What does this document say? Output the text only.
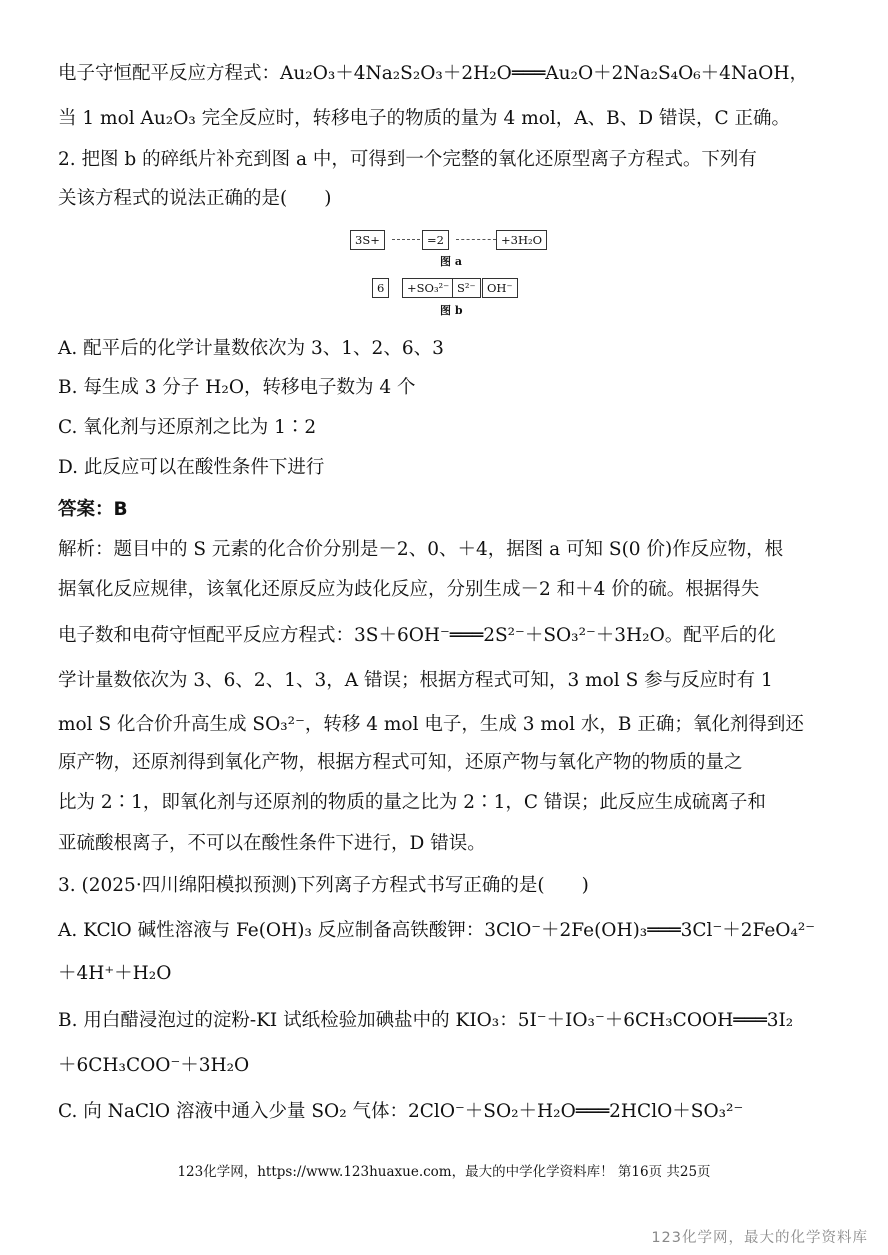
电子守恒配平反应方程式：Au₂O₃＋4Na₂S₂O₃＋2H₂O═══Au₂O＋2Na₂S₄O₆＋4NaOH，
当 1 mol Au₂O₃ 完全反应时，转移电子的物质的量为 4 mol，A、B、D 错误，C 正确。
2. 把图 b 的碎纸片补充到图 a 中，可得到一个完整的氧化还原型离子方程式。下列有
关该方程式的说法正确的是(　　)
3S+	=2	+3H₂O
图 a
6	+SO₃²⁻ S²⁻ OH⁻
图 b
A. 配平后的化学计量数依次为 3、1、2、6、3
B. 每生成 3 分子 H₂O，转移电子数为 4 个
C. 氧化剂与还原剂之比为 1∶2
D. 此反应可以在酸性条件下进行
答案：B
解析：题目中的 S 元素的化合价分别是－2、0、＋4，据图 a 可知 S(0 价)作反应物，根
据氧化反应规律，该氧化还原反应为歧化反应，分别生成－2 和＋4 价的硫。根据得失
电子数和电荷守恒配平反应方程式：3S＋6OH⁻═══2S²⁻＋SO₃²⁻＋3H₂O。配平后的化
学计量数依次为 3、6、2、1、3，A 错误；根据方程式可知，3 mol S 参与反应时有 1
mol S 化合价升高生成 SO₃²⁻，转移 4 mol 电子，生成 3 mol 水，B 正确；氧化剂得到还
原产物，还原剂得到氧化产物，根据方程式可知，还原产物与氧化产物的物质的量之
比为 2∶1，即氧化剂与还原剂的物质的量之比为 2∶1，C 错误；此反应生成硫离子和
亚硫酸根离子，不可以在酸性条件下进行，D 错误。
3. (2025·四川绵阳模拟预测)下列离子方程式书写正确的是(　　)
A. KClO 碱性溶液与 Fe(OH)₃ 反应制备高铁酸钾：3ClO⁻＋2Fe(OH)₃═══3Cl⁻＋2FeO₄²⁻
＋4H⁺＋H₂O
B. 用白醋浸泡过的淀粉-KI 试纸检验加碘盐中的 KIO₃：5I⁻＋IO₃⁻＋6CH₃COOH═══3I₂
＋6CH₃COO⁻＋3H₂O
C. 向 NaClO 溶液中通入少量 SO₂ 气体：2ClO⁻＋SO₂＋H₂O═══2HClO＋SO₃²⁻
123化学网，https://www.123huaxue.com，最大的中学化学资料库！ 第16页 共25页
123化学网，最大的化学资料库
